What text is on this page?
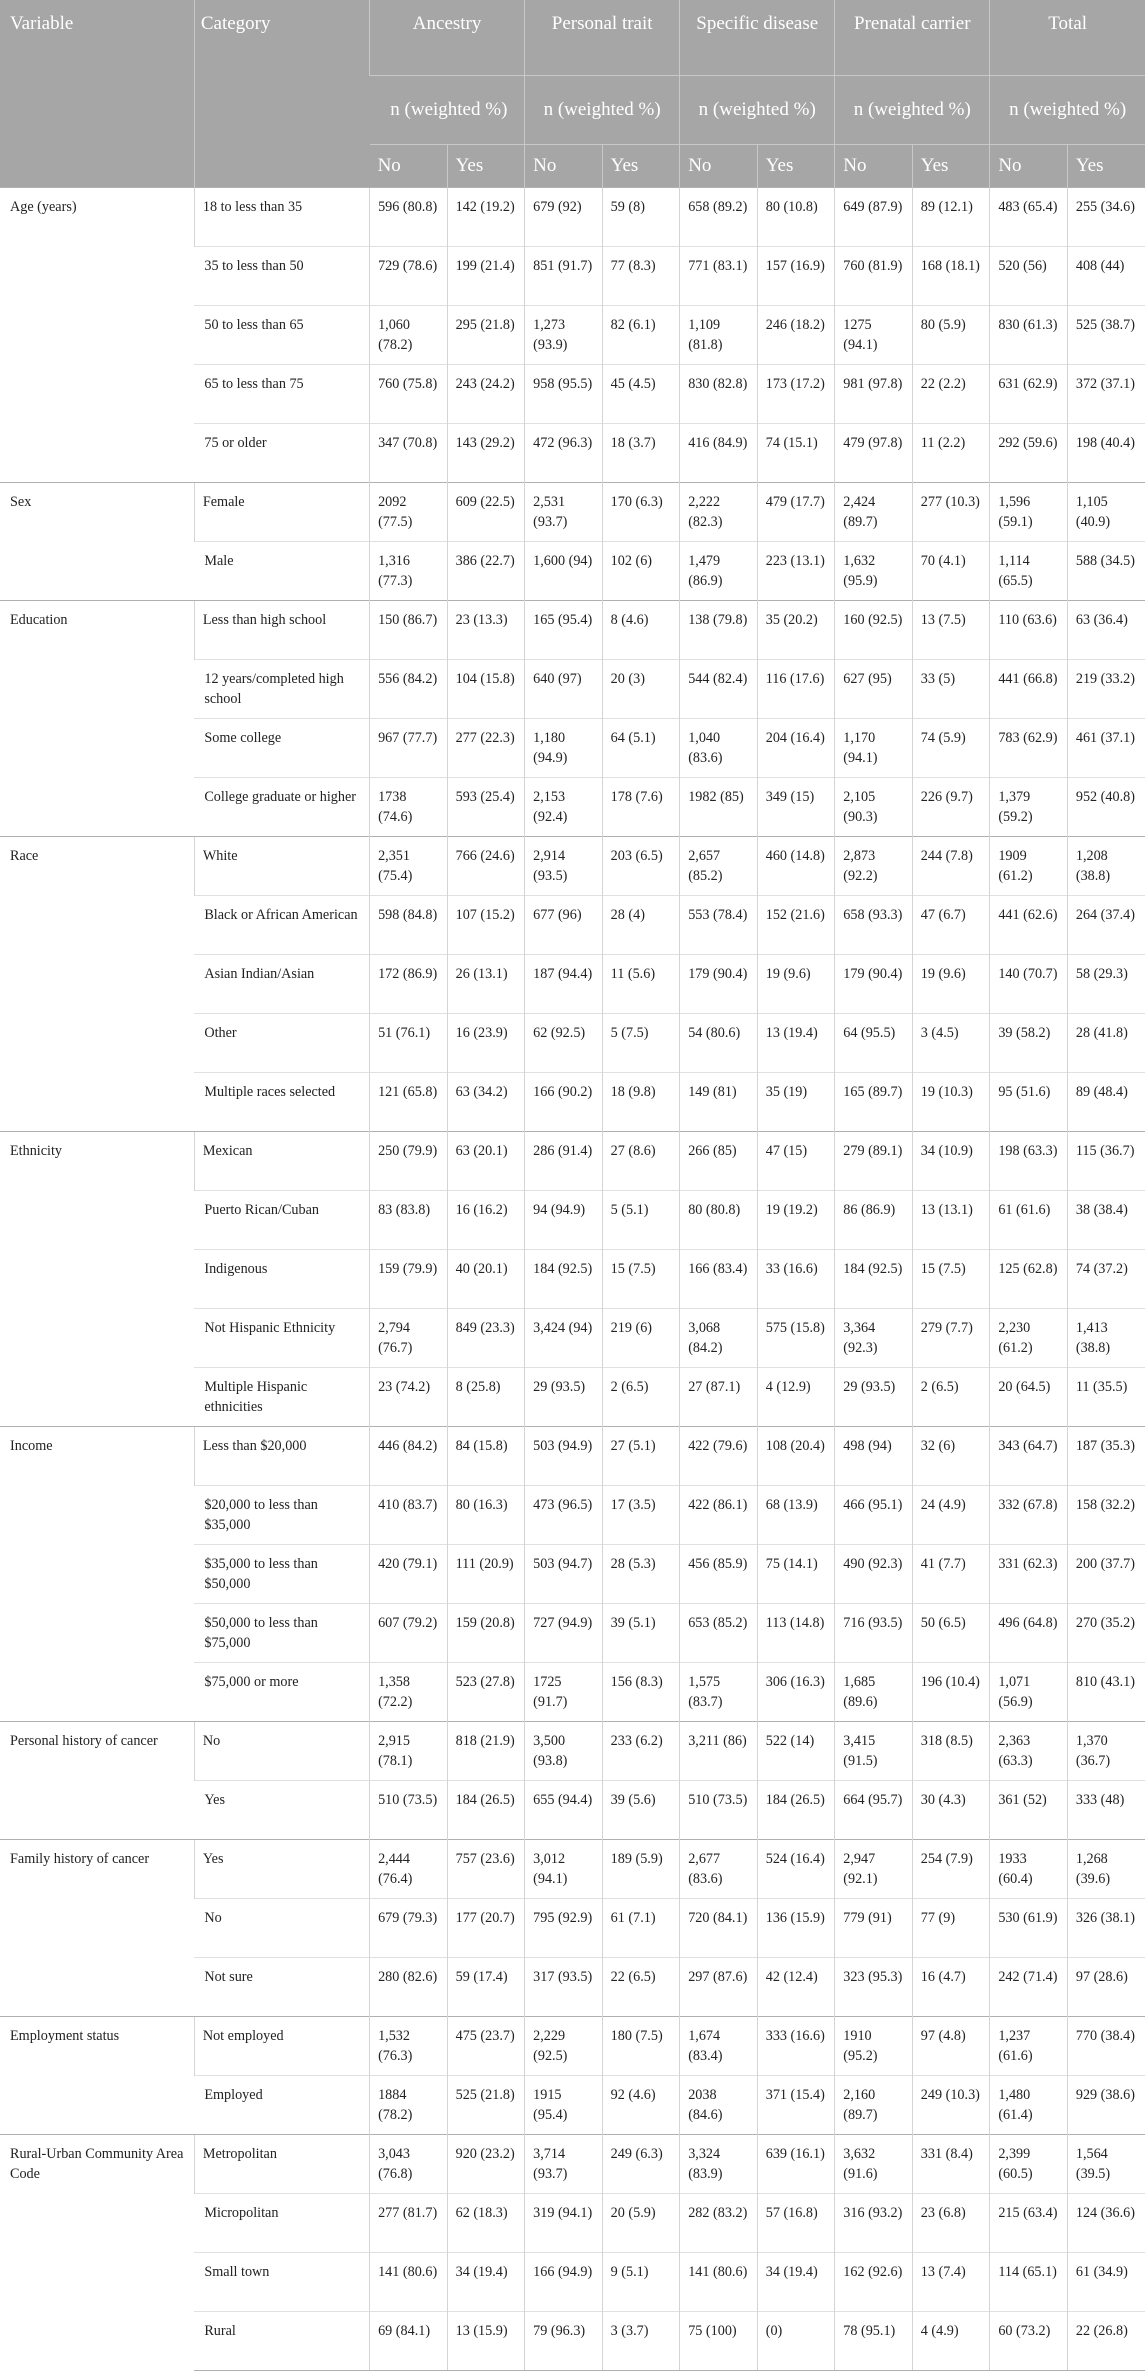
Variable	Category	Ancestry		Personal trait		Specific disease		Prenatal carrier		Total	
		n (weighted %)		n (weighted %)		n (weighted %)		n (weighted %)		n (weighted %)	
		No	Yes	No	Yes	No	Yes	No	Yes	No	Yes
Age (years)	18 to less than 35	596 (80.8)	142 (19.2)	679 (92)	59 (8)	658 (89.2)	80 (10.8)	649 (87.9)	89 (12.1)	483 (65.4)	255 (34.6)
	35 to less than 50	729 (78.6)	199 (21.4)	851 (91.7)	77 (8.3)	771 (83.1)	157 (16.9)	760 (81.9)	168 (18.1)	520 (56)	408 (44)
	50 to less than 65	1,060 (78.2)	295 (21.8)	1,273 (93.9)	82 (6.1)	1,109 (81.8)	246 (18.2)	1275 (94.1)	80 (5.9)	830 (61.3)	525 (38.7)
	65 to less than 75	760 (75.8)	243 (24.2)	958 (95.5)	45 (4.5)	830 (82.8)	173 (17.2)	981 (97.8)	22 (2.2)	631 (62.9)	372 (37.1)
	75 or older	347 (70.8)	143 (29.2)	472 (96.3)	18 (3.7)	416 (84.9)	74 (15.1)	479 (97.8)	11 (2.2)	292 (59.6)	198 (40.4)
Sex	Female	2092 (77.5)	609 (22.5)	2,531 (93.7)	170 (6.3)	2,222 (82.3)	479 (17.7)	2,424 (89.7)	277 (10.3)	1,596 (59.1)	1,105 (40.9)
	Male	1,316 (77.3)	386 (22.7)	1,600 (94)	102 (6)	1,479 (86.9)	223 (13.1)	1,632 (95.9)	70 (4.1)	1,114 (65.5)	588 (34.5)
Education	Less than high school	150 (86.7)	23 (13.3)	165 (95.4)	8 (4.6)	138 (79.8)	35 (20.2)	160 (92.5)	13 (7.5)	110 (63.6)	63 (36.4)
	12 years/completed high school	556 (84.2)	104 (15.8)	640 (97)	20 (3)	544 (82.4)	116 (17.6)	627 (95)	33 (5)	441 (66.8)	219 (33.2)
	Some college	967 (77.7)	277 (22.3)	1,180 (94.9)	64 (5.1)	1,040 (83.6)	204 (16.4)	1,170 (94.1)	74 (5.9)	783 (62.9)	461 (37.1)
	College graduate or higher	1738 (74.6)	593 (25.4)	2,153 (92.4)	178 (7.6)	1982 (85)	349 (15)	2,105 (90.3)	226 (9.7)	1,379 (59.2)	952 (40.8)
Race	White	2,351 (75.4)	766 (24.6)	2,914 (93.5)	203 (6.5)	2,657 (85.2)	460 (14.8)	2,873 (92.2)	244 (7.8)	1909 (61.2)	1,208 (38.8)
	Black or African American	598 (84.8)	107 (15.2)	677 (96)	28 (4)	553 (78.4)	152 (21.6)	658 (93.3)	47 (6.7)	441 (62.6)	264 (37.4)
	Asian Indian/Asian	172 (86.9)	26 (13.1)	187 (94.4)	11 (5.6)	179 (90.4)	19 (9.6)	179 (90.4)	19 (9.6)	140 (70.7)	58 (29.3)
	Other	51 (76.1)	16 (23.9)	62 (92.5)	5 (7.5)	54 (80.6)	13 (19.4)	64 (95.5)	3 (4.5)	39 (58.2)	28 (41.8)
	Multiple races selected	121 (65.8)	63 (34.2)	166 (90.2)	18 (9.8)	149 (81)	35 (19)	165 (89.7)	19 (10.3)	95 (51.6)	89 (48.4)
Ethnicity	Mexican	250 (79.9)	63 (20.1)	286 (91.4)	27 (8.6)	266 (85)	47 (15)	279 (89.1)	34 (10.9)	198 (63.3)	115 (36.7)
	Puerto Rican/Cuban	83 (83.8)	16 (16.2)	94 (94.9)	5 (5.1)	80 (80.8)	19 (19.2)	86 (86.9)	13 (13.1)	61 (61.6)	38 (38.4)
	Indigenous	159 (79.9)	40 (20.1)	184 (92.5)	15 (7.5)	166 (83.4)	33 (16.6)	184 (92.5)	15 (7.5)	125 (62.8)	74 (37.2)
	Not Hispanic Ethnicity	2,794 (76.7)	849 (23.3)	3,424 (94)	219 (6)	3,068 (84.2)	575 (15.8)	3,364 (92.3)	279 (7.7)	2,230 (61.2)	1,413 (38.8)
	Multiple Hispanic ethnicities	23 (74.2)	8 (25.8)	29 (93.5)	2 (6.5)	27 (87.1)	4 (12.9)	29 (93.5)	2 (6.5)	20 (64.5)	11 (35.5)
Income	Less than $20,000	446 (84.2)	84 (15.8)	503 (94.9)	27 (5.1)	422 (79.6)	108 (20.4)	498 (94)	32 (6)	343 (64.7)	187 (35.3)
	$20,000 to less than $35,000	410 (83.7)	80 (16.3)	473 (96.5)	17 (3.5)	422 (86.1)	68 (13.9)	466 (95.1)	24 (4.9)	332 (67.8)	158 (32.2)
	$35,000 to less than $50,000	420 (79.1)	111 (20.9)	503 (94.7)	28 (5.3)	456 (85.9)	75 (14.1)	490 (92.3)	41 (7.7)	331 (62.3)	200 (37.7)
	$50,000 to less than $75,000	607 (79.2)	159 (20.8)	727 (94.9)	39 (5.1)	653 (85.2)	113 (14.8)	716 (93.5)	50 (6.5)	496 (64.8)	270 (35.2)
	$75,000 or more	1,358 (72.2)	523 (27.8)	1725 (91.7)	156 (8.3)	1,575 (83.7)	306 (16.3)	1,685 (89.6)	196 (10.4)	1,071 (56.9)	810 (43.1)
Personal history of cancer	No	2,915 (78.1)	818 (21.9)	3,500 (93.8)	233 (6.2)	3,211 (86)	522 (14)	3,415 (91.5)	318 (8.5)	2,363 (63.3)	1,370 (36.7)
	Yes	510 (73.5)	184 (26.5)	655 (94.4)	39 (5.6)	510 (73.5)	184 (26.5)	664 (95.7)	30 (4.3)	361 (52)	333 (48)
Family history of cancer	Yes	2,444 (76.4)	757 (23.6)	3,012 (94.1)	189 (5.9)	2,677 (83.6)	524 (16.4)	2,947 (92.1)	254 (7.9)	1933 (60.4)	1,268 (39.6)
	No	679 (79.3)	177 (20.7)	795 (92.9)	61 (7.1)	720 (84.1)	136 (15.9)	779 (91)	77 (9)	530 (61.9)	326 (38.1)
	Not sure	280 (82.6)	59 (17.4)	317 (93.5)	22 (6.5)	297 (87.6)	42 (12.4)	323 (95.3)	16 (4.7)	242 (71.4)	97 (28.6)
Employment status	Not employed	1,532 (76.3)	475 (23.7)	2,229 (92.5)	180 (7.5)	1,674 (83.4)	333 (16.6)	1910 (95.2)	97 (4.8)	1,237 (61.6)	770 (38.4)
	Employed	1884 (78.2)	525 (21.8)	1915 (95.4)	92 (4.6)	2038 (84.6)	371 (15.4)	2,160 (89.7)	249 (10.3)	1,480 (61.4)	929 (38.6)
Rural-Urban Community Area Code	Metropolitan	3,043 (76.8)	920 (23.2)	3,714 (93.7)	249 (6.3)	3,324 (83.9)	639 (16.1)	3,632 (91.6)	331 (8.4)	2,399 (60.5)	1,564 (39.5)
	Micropolitan	277 (81.7)	62 (18.3)	319 (94.1)	20 (5.9)	282 (83.2)	57 (16.8)	316 (93.2)	23 (6.8)	215 (63.4)	124 (36.6)
	Small town	141 (80.6)	34 (19.4)	166 (94.9)	9 (5.1)	141 (80.6)	34 (19.4)	162 (92.6)	13 (7.4)	114 (65.1)	61 (34.9)
	Rural	69 (84.1)	13 (15.9)	79 (96.3)	3 (3.7)	75 (100)	(0)	78 (95.1)	4 (4.9)	60 (73.2)	22 (26.8)
